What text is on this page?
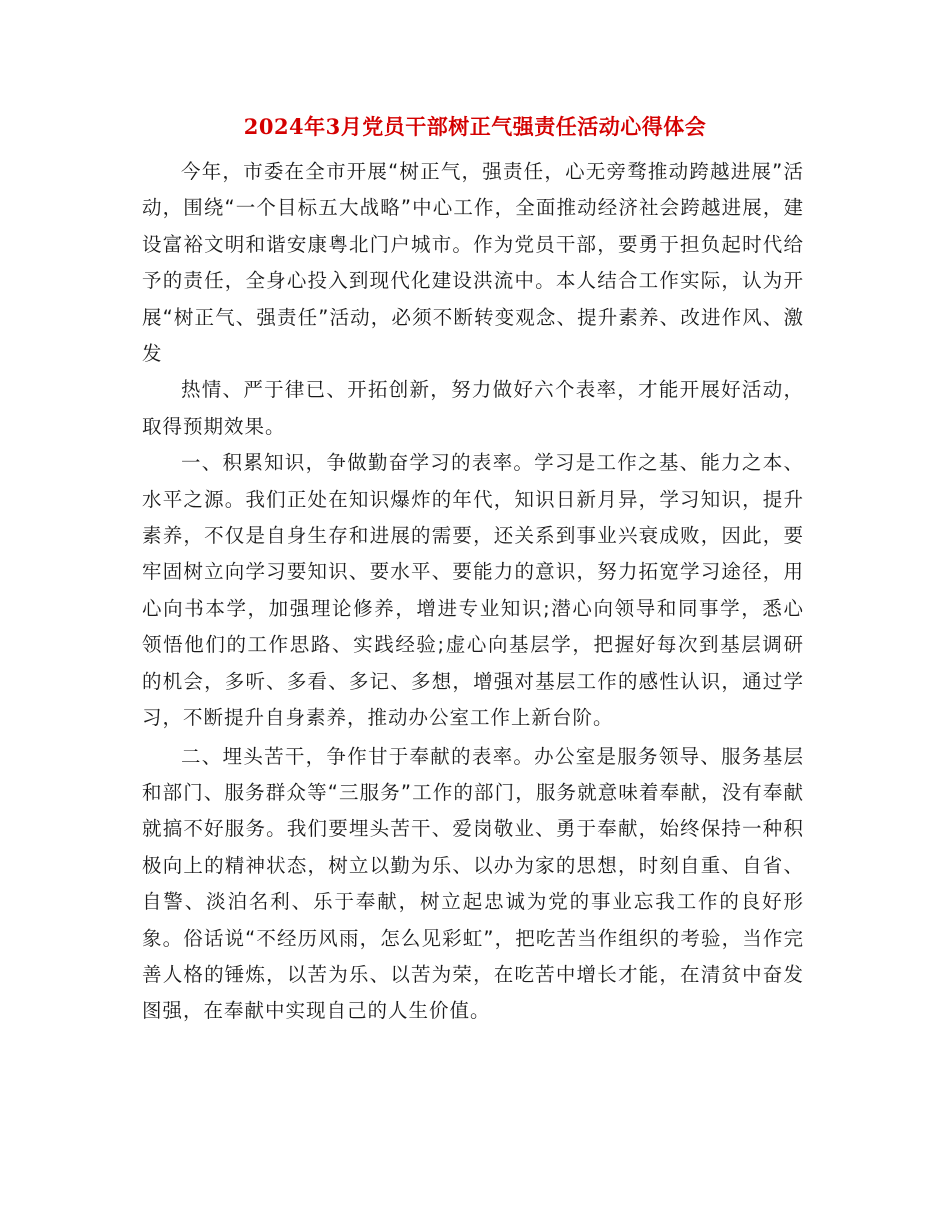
2024年3月党员干部树正气强责任活动心得体会

今年，市委在全市开展“树正气，强责任，心无旁骛推动跨越进展”活动，围绕“一个目标五大战略”中心工作，全面推动经济社会跨越进展，建设富裕文明和谐安康粤北门户城市。作为党员干部，要勇于担负起时代给予的责任，全身心投入到现代化建设洪流中。本人结合工作实际，认为开展“树正气、强责任”活动，必须不断转变观念、提升素养、改进作风、激发

热情、严于律已、开拓创新，努力做好六个表率，才能开展好活动，取得预期效果。

一、积累知识，争做勤奋学习的表率。学习是工作之基、能力之本、水平之源。我们正处在知识爆炸的年代，知识日新月异，学习知识，提升素养，不仅是自身生存和进展的需要，还关系到事业兴衰成败，因此，要牢固树立向学习要知识、要水平、要能力的意识，努力拓宽学习途径，用心向书本学，加强理论修养，增进专业知识;潜心向领导和同事学，悉心领悟他们的工作思路、实践经验;虚心向基层学，把握好每次到基层调研的机会，多听、多看、多记、多想，增强对基层工作的感性认识，通过学习，不断提升自身素养，推动办公室工作上新台阶。

二、埋头苦干，争作甘于奉献的表率。办公室是服务领导、服务基层和部门、服务群众等“三服务”工作的部门，服务就意味着奉献，没有奉献就搞不好服务。我们要埋头苦干、爱岗敬业、勇于奉献，始终保持一种积极向上的精神状态，树立以勤为乐、以办为家的思想，时刻自重、自省、自警、淡泊名利、乐于奉献，树立起忠诚为党的事业忘我工作的良好形象。俗话说“不经历风雨，怎么见彩虹”，把吃苦当作组织的考验，当作完善人格的锤炼，以苦为乐、以苦为荣，在吃苦中增长才能，在清贫中奋发图强，在奉献中实现自己的人生价值。
